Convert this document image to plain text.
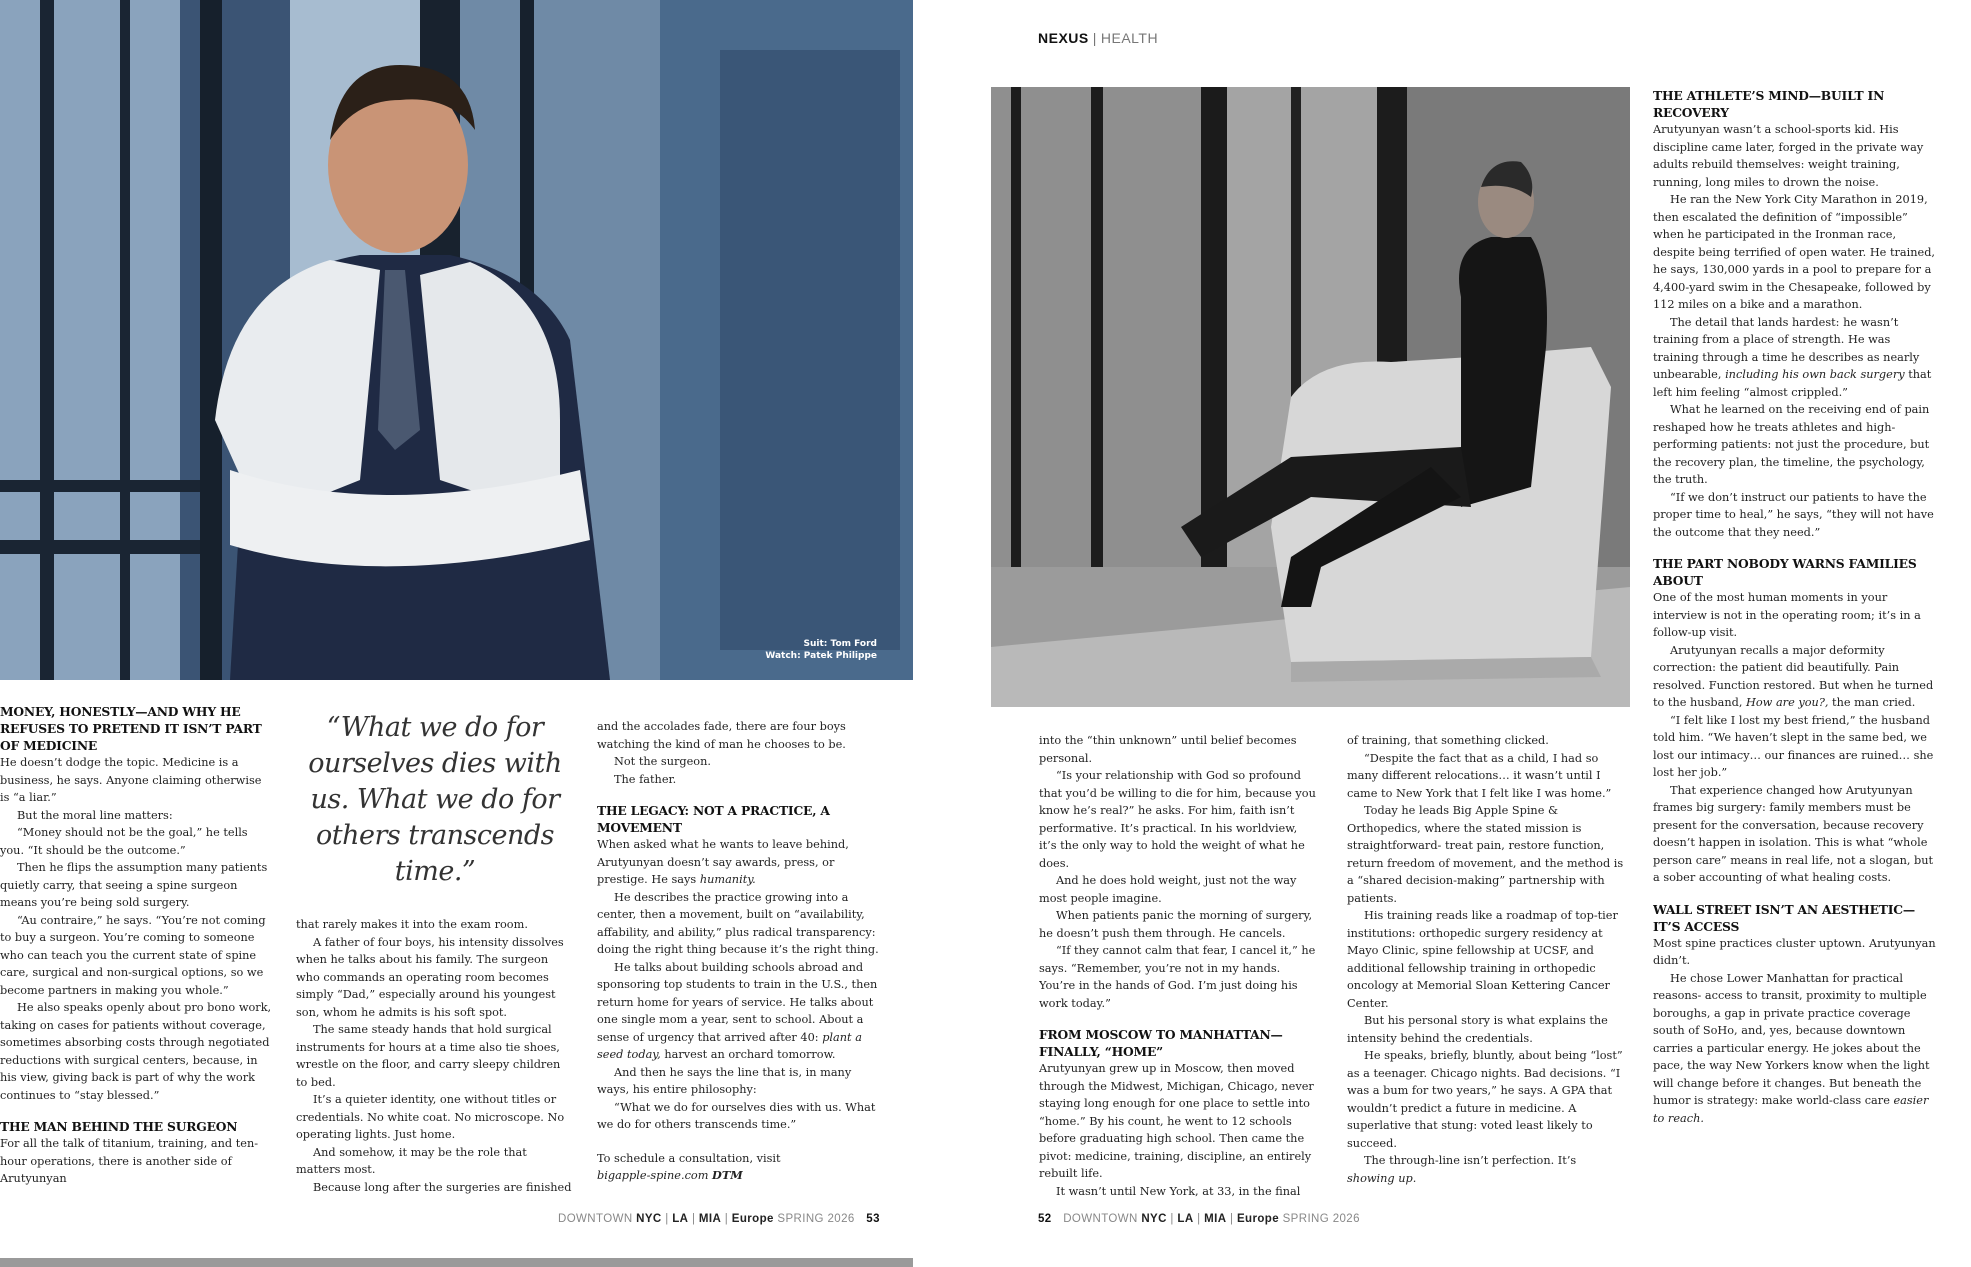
Suit: Tom Ford
Watch: Patek Philippe
MONEY, HONESTLY—AND WHY HE REFUSES TO PRETEND IT ISN’T PART OF MEDICINE

He doesn’t dodge the topic. Medicine is a business, he says. Anyone claiming otherwise is “a liar.”

But the moral line matters:

“Money should not be the goal,” he tells you. “It should be the outcome.”

Then he flips the assumption many patients quietly carry, that seeing a spine surgeon means you’re being sold surgery.

“Au contraire,” he says. “You’re not coming to buy a surgeon. You’re coming to someone who can teach you the current state of spine care, surgical and non-surgical options, so we become partners in making you whole.”

He also speaks openly about pro bono work, taking on cases for patients without coverage, sometimes absorbing costs through negotiated reductions with surgical centers, because, in his view, giving back is part of why the work continues to “stay blessed.”

THE MAN BEHIND THE SURGEON

For all the talk of titanium, training, and ten-hour operations, there is another side of Arutyunyan

“What we do for ourselves dies with us. What we do for others transcends time.”

that rarely makes it into the exam room.

A father of four boys, his intensity dissolves when he talks about his family. The surgeon who commands an operating room becomes simply “Dad,” especially around his youngest son, whom he admits is his soft spot.

The same steady hands that hold surgical instruments for hours at a time also tie shoes, wrestle on the floor, and carry sleepy children to bed.

It’s a quieter identity, one without titles or credentials. No white coat. No microscope. No operating lights. Just home.

And somehow, it may be the role that matters most.

Because long after the surgeries are finished

and the accolades fade, there are four boys watching the kind of man he chooses to be.

Not the surgeon.

The father.

THE LEGACY: NOT A PRACTICE, A MOVEMENT

When asked what he wants to leave behind, Arutyunyan doesn’t say awards, press, or prestige. He says humanity.

He describes the practice growing into a center, then a movement, built on “availability, affability, and ability,” plus radical transparency: doing the right thing because it’s the right thing.

He talks about building schools abroad and sponsoring top students to train in the U.S., then return home for years of service. He talks about one single mom a year, sent to school. About a sense of urgency that arrived after 40: plant a seed today, harvest an orchard tomorrow.

And then he says the line that is, in many ways, his entire philosophy:

“What we do for ourselves dies with us. What we do for others transcends time.”

To schedule a consultation, visit

bigapple-spine.com DTM

DOWNTOWN NYC | LA | MIA | Europe SPRING 2026 53
NEXUS | HEALTH

into the “thin unknown” until belief becomes personal.

“Is your relationship with God so profound that you’d be willing to die for him, because you know he’s real?” he asks. For him, faith isn’t performative. It’s practical. In his worldview, it’s the only way to hold the weight of what he does.

And he does hold weight, just not the way most people imagine.

When patients panic the morning of surgery, he doesn’t push them through. He cancels.

“If they cannot calm that fear, I cancel it,” he says. “Remember, you’re not in my hands. You’re in the hands of God. I’m just doing his work today.”

FROM MOSCOW TO MANHATTAN—FINALLY, “HOME”

Arutyunyan grew up in Moscow, then moved through the Midwest, Michigan, Chicago, never staying long enough for one place to settle into “home.” By his count, he went to 12 schools before graduating high school. Then came the pivot: medicine, training, discipline, an entirely rebuilt life.

It wasn’t until New York, at 33, in the final

of training, that something clicked.

“Despite the fact that as a child, I had so many different relocations… it wasn’t until I came to New York that I felt like I was home.”

Today he leads Big Apple Spine & Orthopedics, where the stated mission is straightforward- treat pain, restore function, return freedom of movement, and the method is a “shared decision-making” partnership with patients.

His training reads like a roadmap of top-tier institutions: orthopedic surgery residency at Mayo Clinic, spine fellowship at UCSF, and additional fellowship training in orthopedic oncology at Memorial Sloan Kettering Cancer Center.

But his personal story is what explains the intensity behind the credentials.

He speaks, briefly, bluntly, about being “lost” as a teenager. Chicago nights. Bad decisions. “I was a bum for two years,” he says. A GPA that wouldn’t predict a future in medicine. A superlative that stung: voted least likely to succeed.

The through-line isn’t perfection. It’s showing up.

THE ATHLETE’S MIND—BUILT IN RECOVERY

Arutyunyan wasn’t a school-sports kid. His discipline came later, forged in the private way adults rebuild themselves: weight training, running, long miles to drown the noise.

He ran the New York City Marathon in 2019, then escalated the definition of “impossible” when he participated in the Ironman race, despite being terrified of open water. He trained, he says, 130,000 yards in a pool to prepare for a 4,400-yard swim in the Chesapeake, followed by 112 miles on a bike and a marathon.

The detail that lands hardest: he wasn’t training from a place of strength. He was training through a time he describes as nearly unbearable, including his own back surgery that left him feeling “almost crippled.”

What he learned on the receiving end of pain reshaped how he treats athletes and high-performing patients: not just the procedure, but the recovery plan, the timeline, the psychology, the truth.

“If we don’t instruct our patients to have the proper time to heal,” he says, “they will not have the outcome that they need.”

THE PART NOBODY WARNS FAMILIES ABOUT

One of the most human moments in your interview is not in the operating room; it’s in a follow-up visit.

Arutyunyan recalls a major deformity correction: the patient did beautifully. Pain resolved. Function restored. But when he turned to the husband, How are you?, the man cried.

“I felt like I lost my best friend,” the husband told him. “We haven’t slept in the same bed, we lost our intimacy… our finances are ruined… she lost her job.”

That experience changed how Arutyunyan frames big surgery: family members must be present for the conversation, because recovery doesn’t happen in isolation. This is what “whole person care” means in real life, not a slogan, but a sober accounting of what healing costs.

WALL STREET ISN’T AN AESTHETIC—IT’S ACCESS

Most spine practices cluster uptown. Arutyunyan didn’t.

He chose Lower Manhattan for practical reasons- access to transit, proximity to multiple boroughs, a gap in private practice coverage south of SoHo, and, yes, because downtown carries a particular energy. He jokes about the pace, the way New Yorkers know when the light will change before it changes. But beneath the humor is strategy: make world-class care easier to reach.

52 DOWNTOWN NYC | LA | MIA | Europe SPRING 2026
